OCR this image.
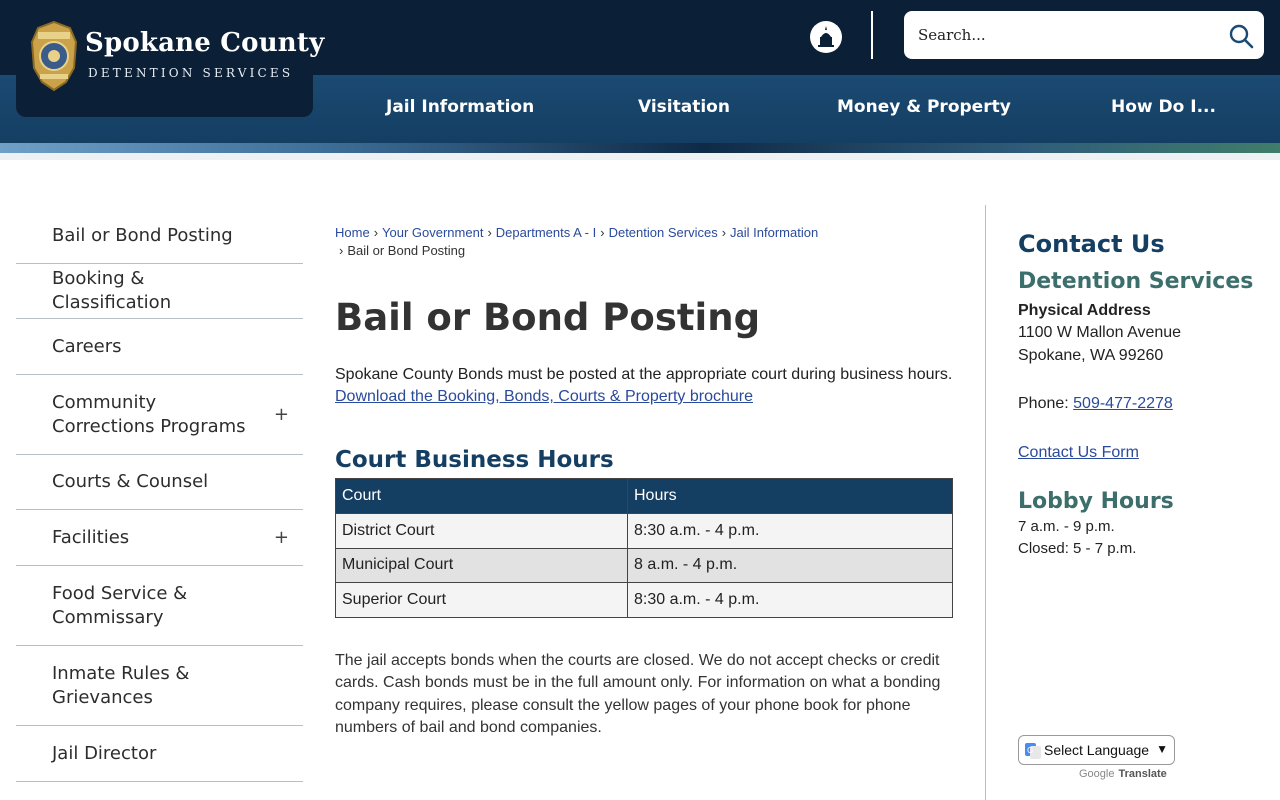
Spokane County
DETENTION SERVICES
Search...
Jail Information	Visitation	Money & Property	How Do I...
Bail or Bond Posting
Booking & Classification
Careers
Community Corrections Programs
+
Courts & Counsel
Facilities	+
Food Service & Commissary
Inmate Rules & Grievances
Jail Director
Home › Your Government › Departments A - I › Detention Services › Jail Information
› Bail or Bond Posting
Bail or Bond Posting
Spokane County Bonds must be posted at the appropriate court during business hours.
Download the Booking, Bonds, Courts & Property brochure
Court Business Hours
Court	Hours
District Court	8:30 a.m. - 4 p.m.
Municipal Court	8 a.m. - 4 p.m.
Superior Court	8:30 a.m. - 4 p.m.

The jail accepts bonds when the courts are closed. We do not accept checks or credit cards. Cash bonds must be in the full amount only. For information on what a bonding company requires, please consult the yellow pages of your phone book for phone numbers of bail and bond companies.

Contact Us
Detention Services
Physical Address
1100 W Mallon Avenue
Spokane, WA 99260
Phone: 509-477-2278
Contact Us Form
Lobby Hours
7 a.m. - 9 p.m.
Closed: 5 - 7 p.m.
G Select Language ▼
Google Translate
